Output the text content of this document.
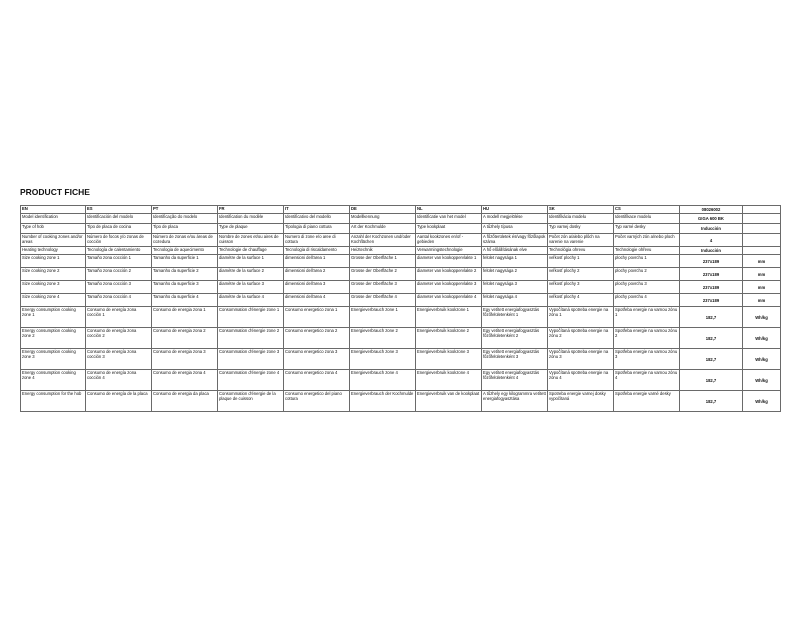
PRODUCT FICHE
EN	ES	PT	FR	IT	DE	NL	HU	SK	CS	08026002	
Model identification	Identificación del modelo	Identificação do modelo	Identification du modèle	Identificativo del modello	Modellkennung	Identificatie van het model	A modell megjelölése	Identifikácia modelu	Identifikace modelu	GIGA 600 BK	
Type of hob	Tipo de placa de cocina	Tipo de placa	Type de plaque	Tipologia di piano cottura	Art der Kochmulde	Type kookplaat	A tűzhely típusa	Typ varnej dosky	Typ varné desky	Inducción	
Number of cooking zones and/or areas	Número de focos y/o zonas de cocción	Número de zonas e/ou áreas de cozedura	Nombre de zones et/ou aires de cuisson	Numero di zone e/o aree di cottura	Anzahl der Kochzonen und/oder Kochflächen	Aantal kookzones en/of -gebieden	A főzőterületek és/vagy főzőlapok száma	Počet zón a/alebo plôch na varenie na varenie	Počet varných zón a/nebo ploch	4	
Heating technology	Tecnología de calentamiento	Tecnologia de aquecimento	Technologie de chauffage	Tecnologia di riscaldamento	Heiztechnik	Verwarmingstechnologie	A hő előállításának elve	Technológia ohrevu	Technologie ohřevu	Inducción	
Size cooking zone 1	Tamaño zona cocción 1	Tamanho da superficie 1	diamètre de la surface 1	dimensioni dell'area 1	Grosse der Oberfläche 1	diameter van kookoppervlakte 1	felület nagysága 1	veľkosť plochy 1	plochy povrchu 1	237x189	mm
Size cooking zone 2	Tamaño zona cocción 2	Tamanho da superficie 2	diamètre de la surface 2	dimensioni dell'area 2	Grosse der Oberfläche 2	diameter van kookoppervlakte 2	felület nagysága 2	veľkosť plochy 2	plochy povrchu 2	237x189	mm
Size cooking zone 3	Tamaño zona cocción 3	Tamanho da superficie 3	diamètre de la surface 3	dimensioni dell'area 3	Grosse der Oberfläche 3	diameter van kookoppervlakte 3	felület nagysága 3	veľkosť plochy 3	plochy povrchu 3	237x189	mm
Size cooking zone 4	Tamaño zona cocción 4	Tamanho da superficie 4	diamètre de la surface 4	dimensioni dell'area 4	Grosse der Oberfläche 4	diameter van kookoppervlakte 4	felület nagysága 4	veľkosť plochy 4	plochy povrchu 4	237x189	mm
Energy consumption cooking zone 1	Consumo de energía zona cocción 1	Consumo de energia zona 1	Consommation d'énergie zone 1	Consumo energetico zona 1	Energieverbrauch zone 1	Energieverbruik kookzone 1	Egy vetített energiafogyasztás főzőfelületenként 1	Vypočítaná spotreba energie na zónu 1	Spotřeba energie na varnou zónu 1	182,7	Wh/kg
Energy consumption cooking zone 2	Consumo de energía zona cocción 2	Consumo de energia zona 2	Consommation d'énergie zone 2	Consumo energetico zona 2	Energieverbrauch zone 2	Energieverbruik kookzone 2	Egy vetített energiafogyasztás főzőfelületenként 2	Vypočítaná spotreba energie na zónu 2	Spotřeba energie na varnou zónu 2	182,7	Wh/kg
Energy consumption cooking zone 3	Consumo de energía zona cocción 3	Consumo de energia zona 3	Consommation d'énergie zone 3	Consumo energetico zona 3	Energieverbrauch zone 3	Energieverbruik kookzone 3	Egy vetített energiafogyasztás főzőfelületenként 3	Vypočítaná spotreba energie na zónu 3	Spotřeba energie na varnou zónu 3	182,7	Wh/kg
Energy consumption cooking zone 4	Consumo de energía zona cocción 4	Consumo de energia zona 4	Consommation d'énergie zone 4	Consumo energetico zona 4	Energieverbrauch zone 4	Energieverbruik kookzone 4	Egy vetített energiafogyasztás főzőfelületenként 4	Vypočítaná spotreba energie na zónu 4	Spotřeba energie na varnou zónu 4	182,7	Wh/kg
Energy consumption for the hob	Consumo de energía de la placa	Consumo de energia da placa	Consommation d'énergie de la plaque de cuisson	Consumo energetico del piano cottura	Energieverbrauch der Kochmulde	Energieverbruik van de kookplaat	A tűzhely egy kilogrammra vetített energiafogyasztása	Spotreba energie varnej dosky vypočítaná	Spotřeba energie varné desky	182,7	Wh/kg
